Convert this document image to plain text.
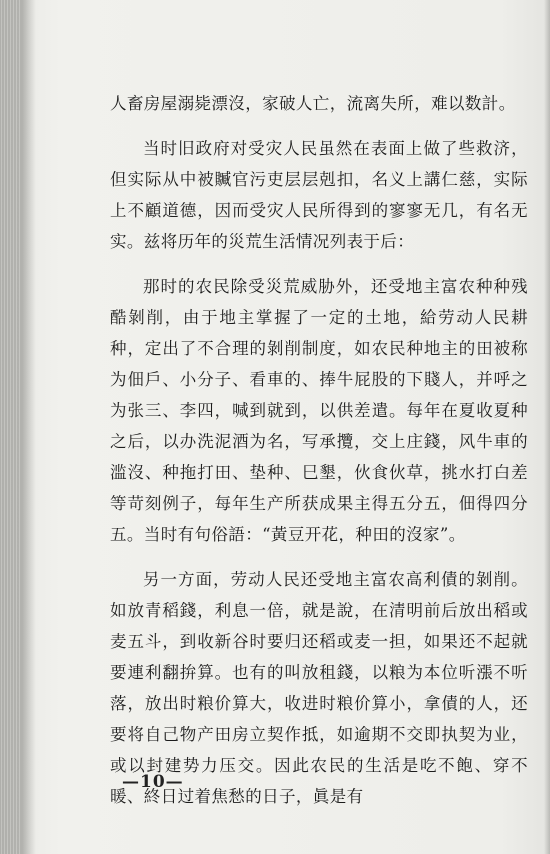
人畜房屋溺毙漂沒，家破人亡，流离失所，难以数計。

当时旧政府对受灾人民虽然在表面上做了些救济，但实际从中被贓官污吏层层剋扣，名义上講仁慈，实际上不顧道德，因而受灾人民所得到的寥寥无几，有名无实。兹将历年的災荒生活情况列表于后：

那时的农民除受災荒威胁外，还受地主富农种种残酷剝削，由于地主掌握了一定的土地，給劳动人民耕种，定出了不合理的剝削制度，如农民种地主的田被称为佃戶、小分子、看車的、捧牛屁股的下賤人，并呼之为张三、李四，喊到就到，以供差遣。每年在夏收夏种之后，以办洗泥酒为名，写承攬，交上庄錢，风牛車的滥沒、种拖打田、垫种、巳墾，伙食伙草，挑水打白差等苛刻例子，每年生产所获成果主得五分五，佃得四分五。当时有句俗語：“黃豆开花，种田的沒家”。

另一方面，劳动人民还受地主富农高利債的剝削。如放青稻錢，利息一倍，就是說，在清明前后放出稻或麦五斗，到收新谷时要归还稻或麦一担，如果还不起就要連利翻拚算。也有的叫放租錢，以粮为本位听漲不听落，放出时粮价算大，收进时粮价算小，拿債的人，还要将自己物产田房立契作抵，如逾期不交即执契为业，或以封建势力压交。因此农民的生活是吃不飽、穿不暖、終日过着焦愁的日子，眞是有

—10—
